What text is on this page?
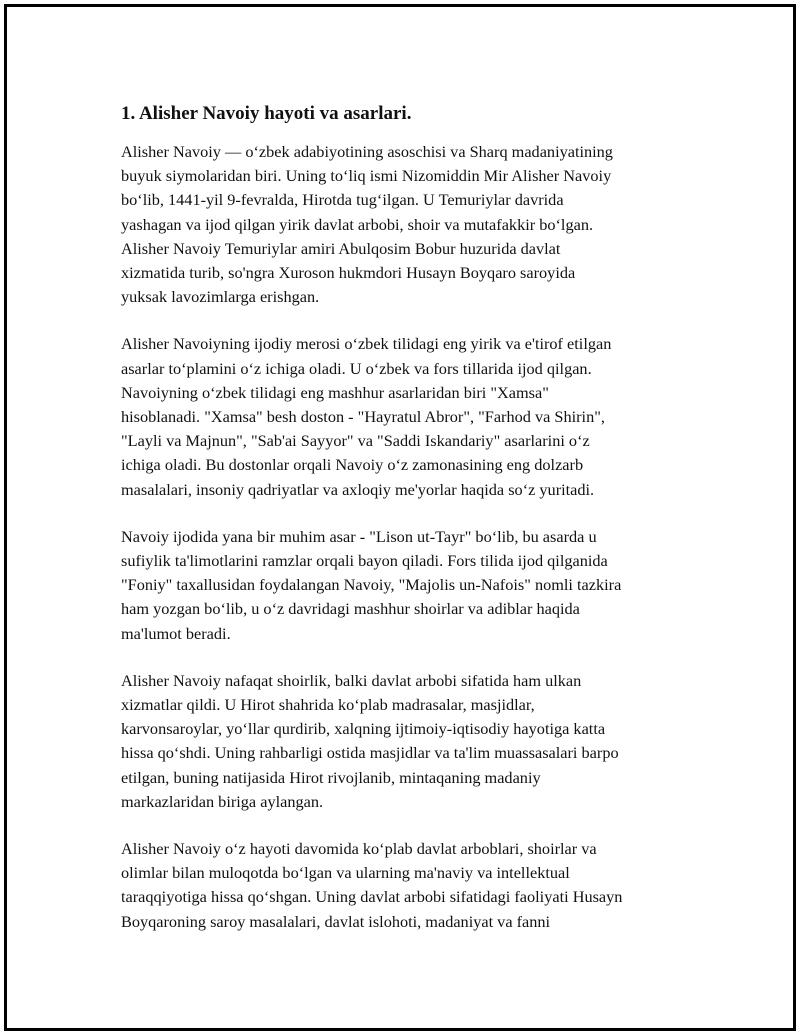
1. Alisher Navoiy hayoti va asarlari.
Alisher Navoiy — o‘zbek adabiyotining asoschisi va Sharq madaniyatining
buyuk siymolaridan biri. Uning to‘liq ismi Nizomiddin Mir Alisher Navoiy
bo‘lib, 1441-yil 9-fevralda, Hirotda tug‘ilgan. U Temuriylar davrida
yashagan va ijod qilgan yirik davlat arbobi, shoir va mutafakkir bo‘lgan.
Alisher Navoiy Temuriylar amiri Abulqosim Bobur huzurida davlat
xizmatida turib, so'ngra Xuroson hukmdori Husayn Boyqaro saroyida
yuksak lavozimlarga erishgan.
Alisher Navoiyning ijodiy merosi o‘zbek tilidagi eng yirik va e'tirof etilgan
asarlar to‘plamini o‘z ichiga oladi. U o‘zbek va fors tillarida ijod qilgan.
Navoiyning o‘zbek tilidagi eng mashhur asarlaridan biri "Xamsa"
hisoblanadi. "Xamsa" besh doston - "Hayratul Abror", "Farhod va Shirin",
"Layli va Majnun", "Sab'ai Sayyor" va "Saddi Iskandariy" asarlarini o‘z
ichiga oladi. Bu dostonlar orqali Navoiy o‘z zamonasining eng dolzarb
masalalari, insoniy qadriyatlar va axloqiy me'yorlar haqida so‘z yuritadi.
Navoiy ijodida yana bir muhim asar - "Lison ut-Tayr" bo‘lib, bu asarda u
sufiylik ta'limotlarini ramzlar orqali bayon qiladi. Fors tilida ijod qilganida
"Foniy" taxallusidan foydalangan Navoiy, "Majolis un-Nafois" nomli tazkira
ham yozgan bo‘lib, u o‘z davridagi mashhur shoirlar va adiblar haqida
ma'lumot beradi.
Alisher Navoiy nafaqat shoirlik, balki davlat arbobi sifatida ham ulkan
xizmatlar qildi. U Hirot shahrida ko‘plab madrasalar, masjidlar,
karvonsaroylar, yo‘llar qurdirib, xalqning ijtimoiy-iqtisodiy hayotiga katta
hissa qo‘shdi. Uning rahbarligi ostida masjidlar va ta'lim muassasalari barpo
etilgan, buning natijasida Hirot rivojlanib, mintaqaning madaniy
markazlaridan biriga aylangan.
Alisher Navoiy o‘z hayoti davomida ko‘plab davlat arboblari, shoirlar va
olimlar bilan muloqotda bo‘lgan va ularning ma'naviy va intellektual
taraqqiyotiga hissa qo‘shgan. Uning davlat arbobi sifatidagi faoliyati Husayn
Boyqaroning saroy masalalari, davlat islohoti, madaniyat va fanni
